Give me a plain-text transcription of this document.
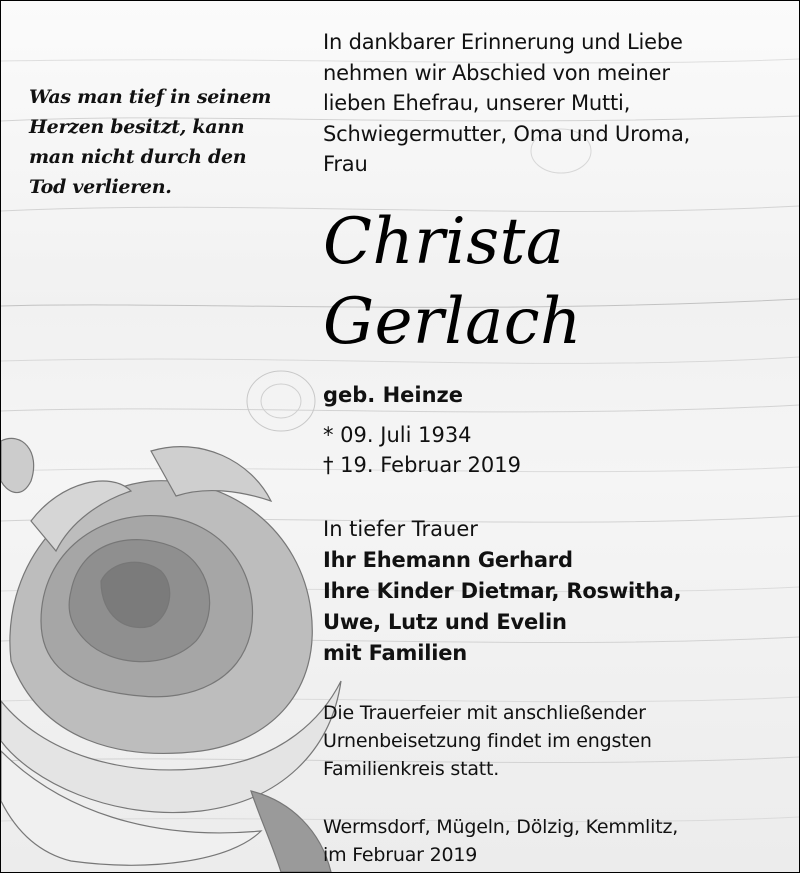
Was man tief in seinem
Herzen besitzt, kann
man nicht durch den
Tod verlieren.
In dankbarer Erinnerung und Liebe
nehmen wir Abschied von meiner
lieben Ehefrau, unserer Mutti,
Schwiegermutter, Oma und Uroma,
Frau
Christa
Gerlach
geb. Heinze
* 09. Juli 1934
† 19. Februar 2019
In tiefer Trauer
Ihr Ehemann Gerhard
Ihre Kinder Dietmar, Roswitha,
Uwe, Lutz und Evelin
mit Familien
Die Trauerfeier mit anschließender
Urnenbeisetzung findet im engsten
Familienkreis statt.
Wermsdorf, Mügeln, Dölzig, Kemmlitz,
im Februar 2019
